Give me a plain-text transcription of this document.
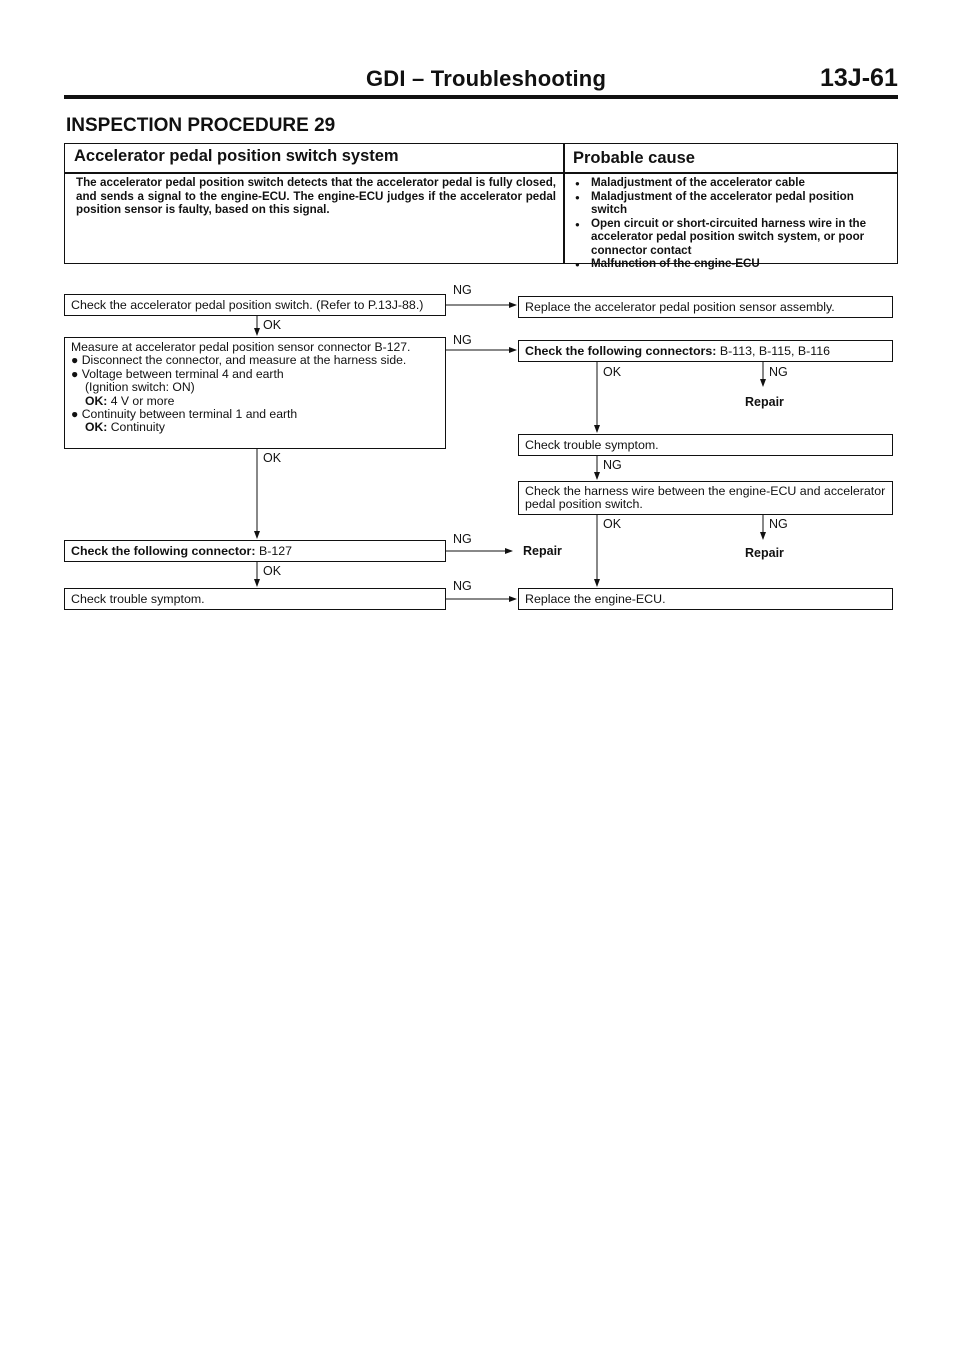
GDI – Troubleshooting	13J-61
INSPECTION PROCEDURE 29
Accelerator pedal position switch system	Probable cause
The accelerator pedal position switch detects that the accelerator pedal is fully closed, and sends a signal to the engine-ECU. The engine-ECU judges if the accelerator pedal position sensor is faulty, based on this signal.
● Maladjustment of the accelerator cable
● Maladjustment of the accelerator pedal position switch
● Open circuit or short-circuited harness wire in the accelerator pedal position switch system, or poor connector contact
● Malfunction of the engine-ECU
Check the accelerator pedal position switch. (Refer to P.13J-88.)
Measure at accelerator pedal position sensor connector B-127.
● Disconnect the connector, and measure at the harness side.
● Voltage between terminal 4 and earth
(Ignition switch: ON)
OK: 4 V or more
● Continuity between terminal 1 and earth
OK: Continuity
Check the following connector: B-127
Check trouble symptom.
Replace the accelerator pedal position sensor assembly.
Check the following connectors: B-113, B-115, B-116
Check trouble symptom.
Check the harness wire between the engine-ECU and accelerator pedal position switch.
Replace the engine-ECU.
NG
OK
NG
OK	NG
Repair
OK	NG
OK	NG
NG
Repair	Repair
OK
NG
